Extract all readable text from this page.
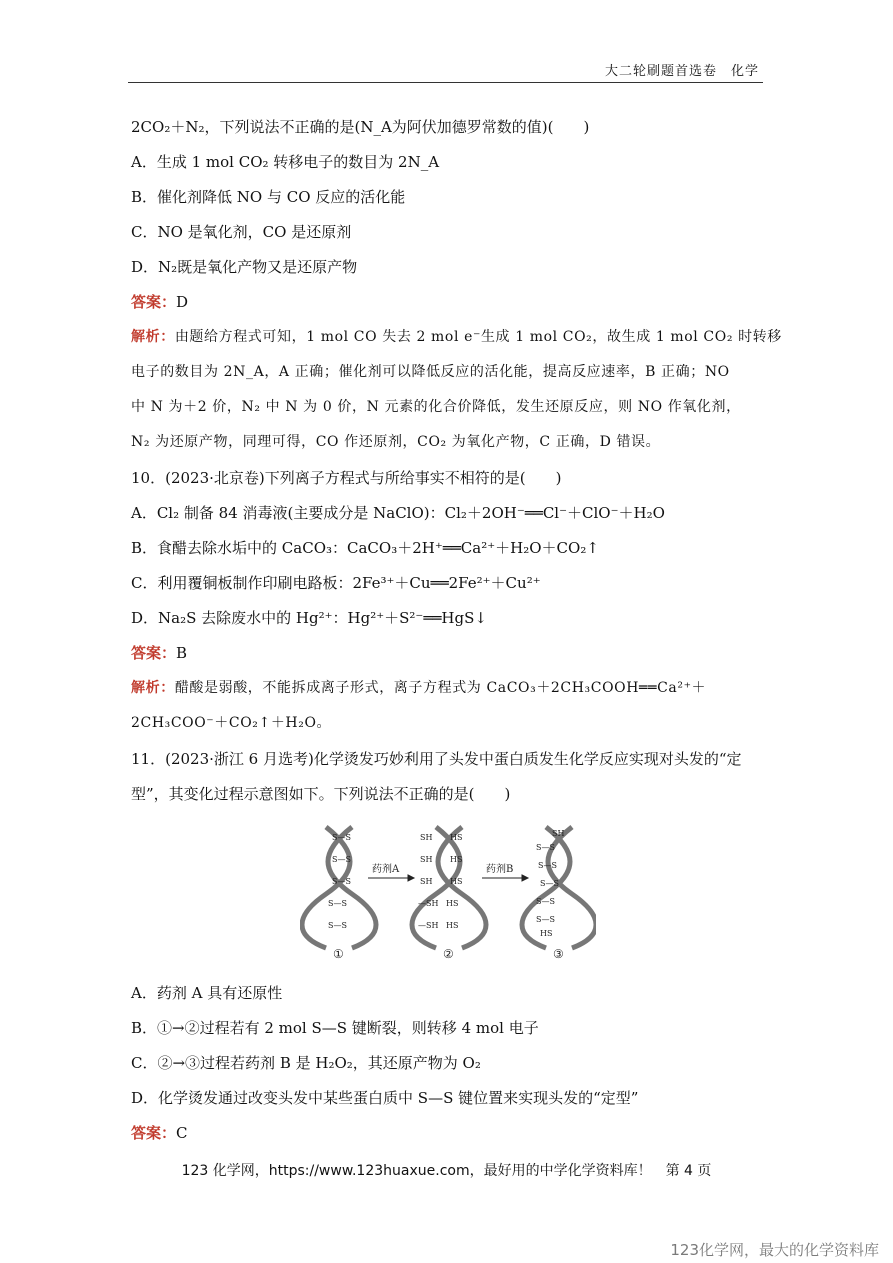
大二轮刷题首选卷　化学
2CO₂＋N₂，下列说法不正确的是(N_A为阿伏加德罗常数的值)(　　)
A．生成 1 mol CO₂ 转移电子的数目为 2N_A
B．催化剂降低 NO 与 CO 反应的活化能
C．NO 是氧化剂，CO 是还原剂
D．N₂既是氧化产物又是还原产物
答案：D
解析：由题给方程式可知，1 mol CO 失去 2 mol e⁻生成 1 mol CO₂，故生成 1 mol CO₂ 时转移
电子的数目为 2N_A，A 正确；催化剂可以降低反应的活化能，提高反应速率，B 正确；NO
中 N 为＋2 价，N₂ 中 N 为 0 价，N 元素的化合价降低，发生还原反应，则 NO 作氧化剂，
N₂ 为还原产物，同理可得，CO 作还原剂，CO₂ 为氧化产物，C 正确，D 错误。
10．(2023·北京卷)下列离子方程式与所给事实不相符的是(　　)
A．Cl₂ 制备 84 消毒液(主要成分是 NaClO)：Cl₂＋2OH⁻══Cl⁻＋ClO⁻＋H₂O
B．食醋去除水垢中的 CaCO₃：CaCO₃＋2H⁺══Ca²⁺＋H₂O＋CO₂↑
C．利用覆铜板制作印刷电路板：2Fe³⁺＋Cu══2Fe²⁺＋Cu²⁺
D．Na₂S 去除废水中的 Hg²⁺：Hg²⁺＋S²⁻══HgS↓
答案：B
解析：醋酸是弱酸，不能拆成离子形式，离子方程式为 CaCO₃＋2CH₃COOH══Ca²⁺＋
2CH₃COO⁻＋CO₂↑＋H₂O。
11．(2023·浙江 6 月选考)化学烫发巧妙利用了头发中蛋白质发生化学反应实现对头发的“定
型”，其变化过程示意图如下。下列说法不正确的是(　　)
S—S
S—S
S—S
S—S
S—S
SH HS
SH HS
SH HS
—SH HS
—SH HS
SH
S—S
S—S
S—S
S—S
S—S
HS
药剂A	药剂B
①	②	③
A．药剂 A 具有还原性
B．①→②过程若有 2 mol S—S 键断裂，则转移 4 mol 电子
C．②→③过程若药剂 B 是 H₂O₂，其还原产物为 O₂
D．化学烫发通过改变头发中某些蛋白质中 S—S 键位置来实现头发的“定型”
答案：C
123 化学网，https://www.123huaxue.com，最好用的中学化学资料库！　第 4 页
123化学网，最大的化学资料库
